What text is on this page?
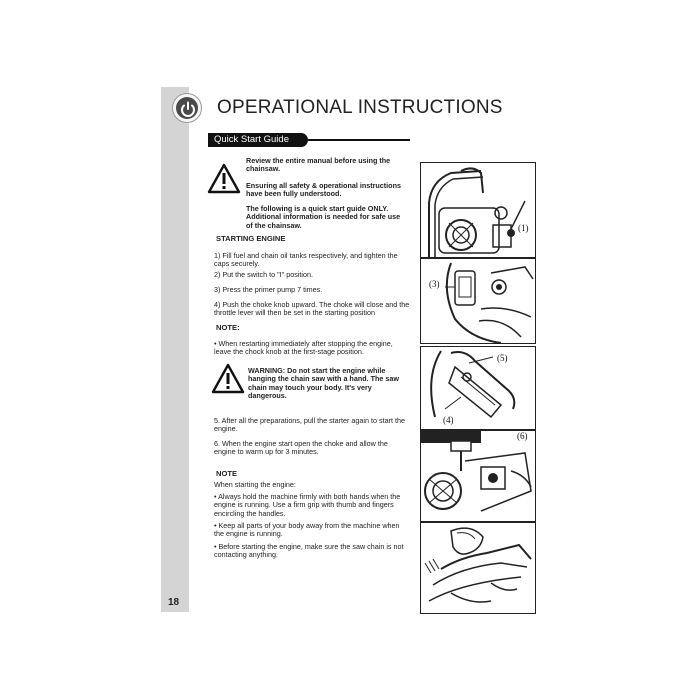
18
OPERATIONAL INSTRUCTIONS
Quick Start Guide
Review the entire manual before using the chainsaw.
Ensuring all safety & operational instructions have been fully understood.
The following is a quick start guide ONLY. Additional information is needed for safe use of the chainsaw.
STARTING ENGINE
1) Fill fuel and chain oil tanks respectively, and tighten the caps securely.
2) Put the switch to "I" position.
3) Press the primer pump 7 times.
4) Push the choke knob upward. The choke will close and the throttle lever will then be set in the starting position
NOTE:
• When restarting immediately after stopping the engine, leave the chock knob at the first-stage position.
WARNING: Do not start the engine while hanging the chain saw with a hand. The saw chain may touch your body. It's very dangerous.
5. After all the preparations, pull the starter again to start the engine.
6. When the engine start open the choke and allow the engine to warm up for 3 minutes.
NOTE
When starting the engine:
• Always hold the machine firmly with both hands when the engine is running. Use a firm grip with thumb and fingers encircling the handles.
• Keep all parts of your body away from the machine when the engine is running.
• Before starting the engine, make sure the saw chain is not contacting anything.
(1)
(3)
(5)
(4)
(6)
